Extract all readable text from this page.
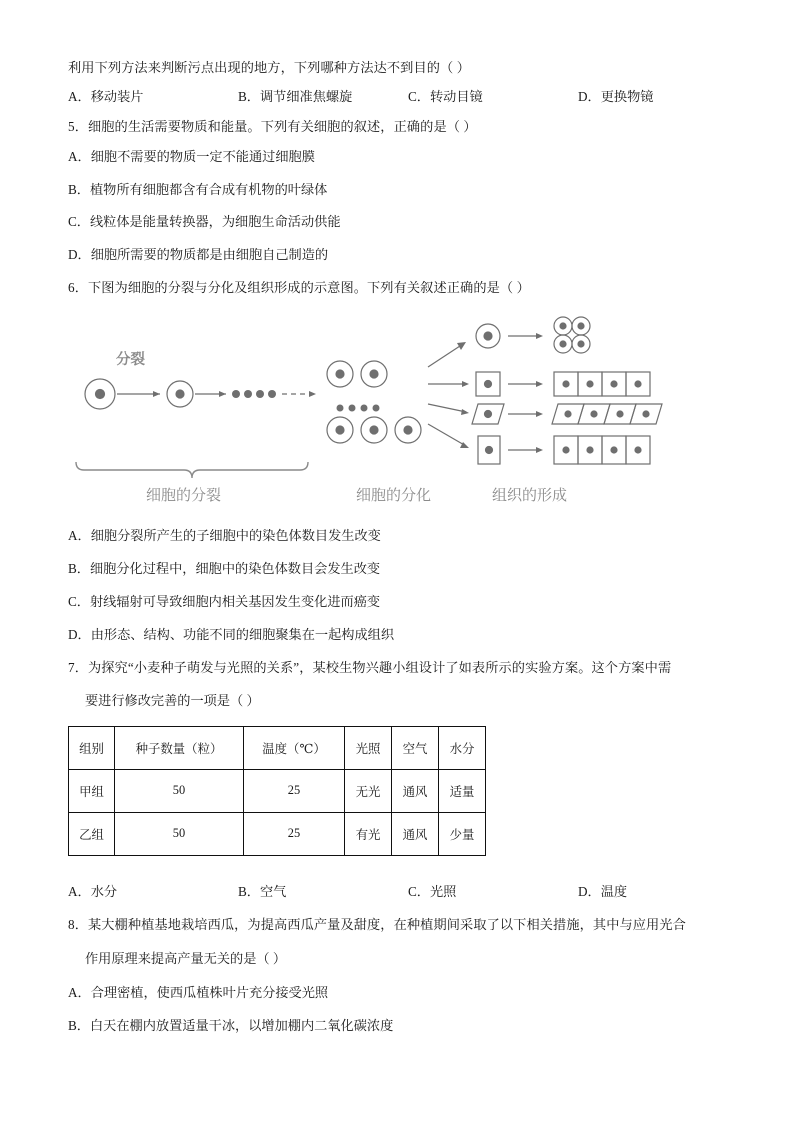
利用下列方法来判断污点出现的地方，下列哪种方法达不到目的（ ）

A．移动装片	B．调节细准焦螺旋	C．转动目镜	D．更换物镜

5．细胞的生活需要物质和能量。下列有关细胞的叙述，正确的是（ ）

A．细胞不需要的物质一定不能通过细胞膜
B．植物所有细胞都含有合成有机物的叶绿体
C．线粒体是能量转换器，为细胞生命活动供能
D．细胞所需要的物质都是由细胞自己制造的

6．下图为细胞的分裂与分化及组织形成的示意图。下列有关叙述正确的是（ ）

分裂
细胞的分裂	细胞的分化	组织的形成
A．细胞分裂所产生的子细胞中的染色体数目发生改变
B．细胞分化过程中，细胞中的染色体数目会发生改变
C．射线辐射可导致细胞内相关基因发生变化进而癌变
D．由形态、结构、功能不同的细胞聚集在一起构成组织

7．为探究“小麦种子萌发与光照的关系”，某校生物兴趣小组设计了如表所示的实验方案。这个方案中需

要进行修改完善的一项是（ ）

组别	种子数量（粒）	温度（℃）	光照	空气	水分
甲组	50	25	无光	通风	适量
乙组	50	25	有光	通风	少量
A．水分	B．空气	C．光照	D．温度

8．某大棚种植基地栽培西瓜，为提高西瓜产量及甜度，在种植期间采取了以下相关措施，其中与应用光合

作用原理来提高产量无关的是（ ）

A．合理密植，使西瓜植株叶片充分接受光照
B．白天在棚内放置适量干冰，以增加棚内二氧化碳浓度
